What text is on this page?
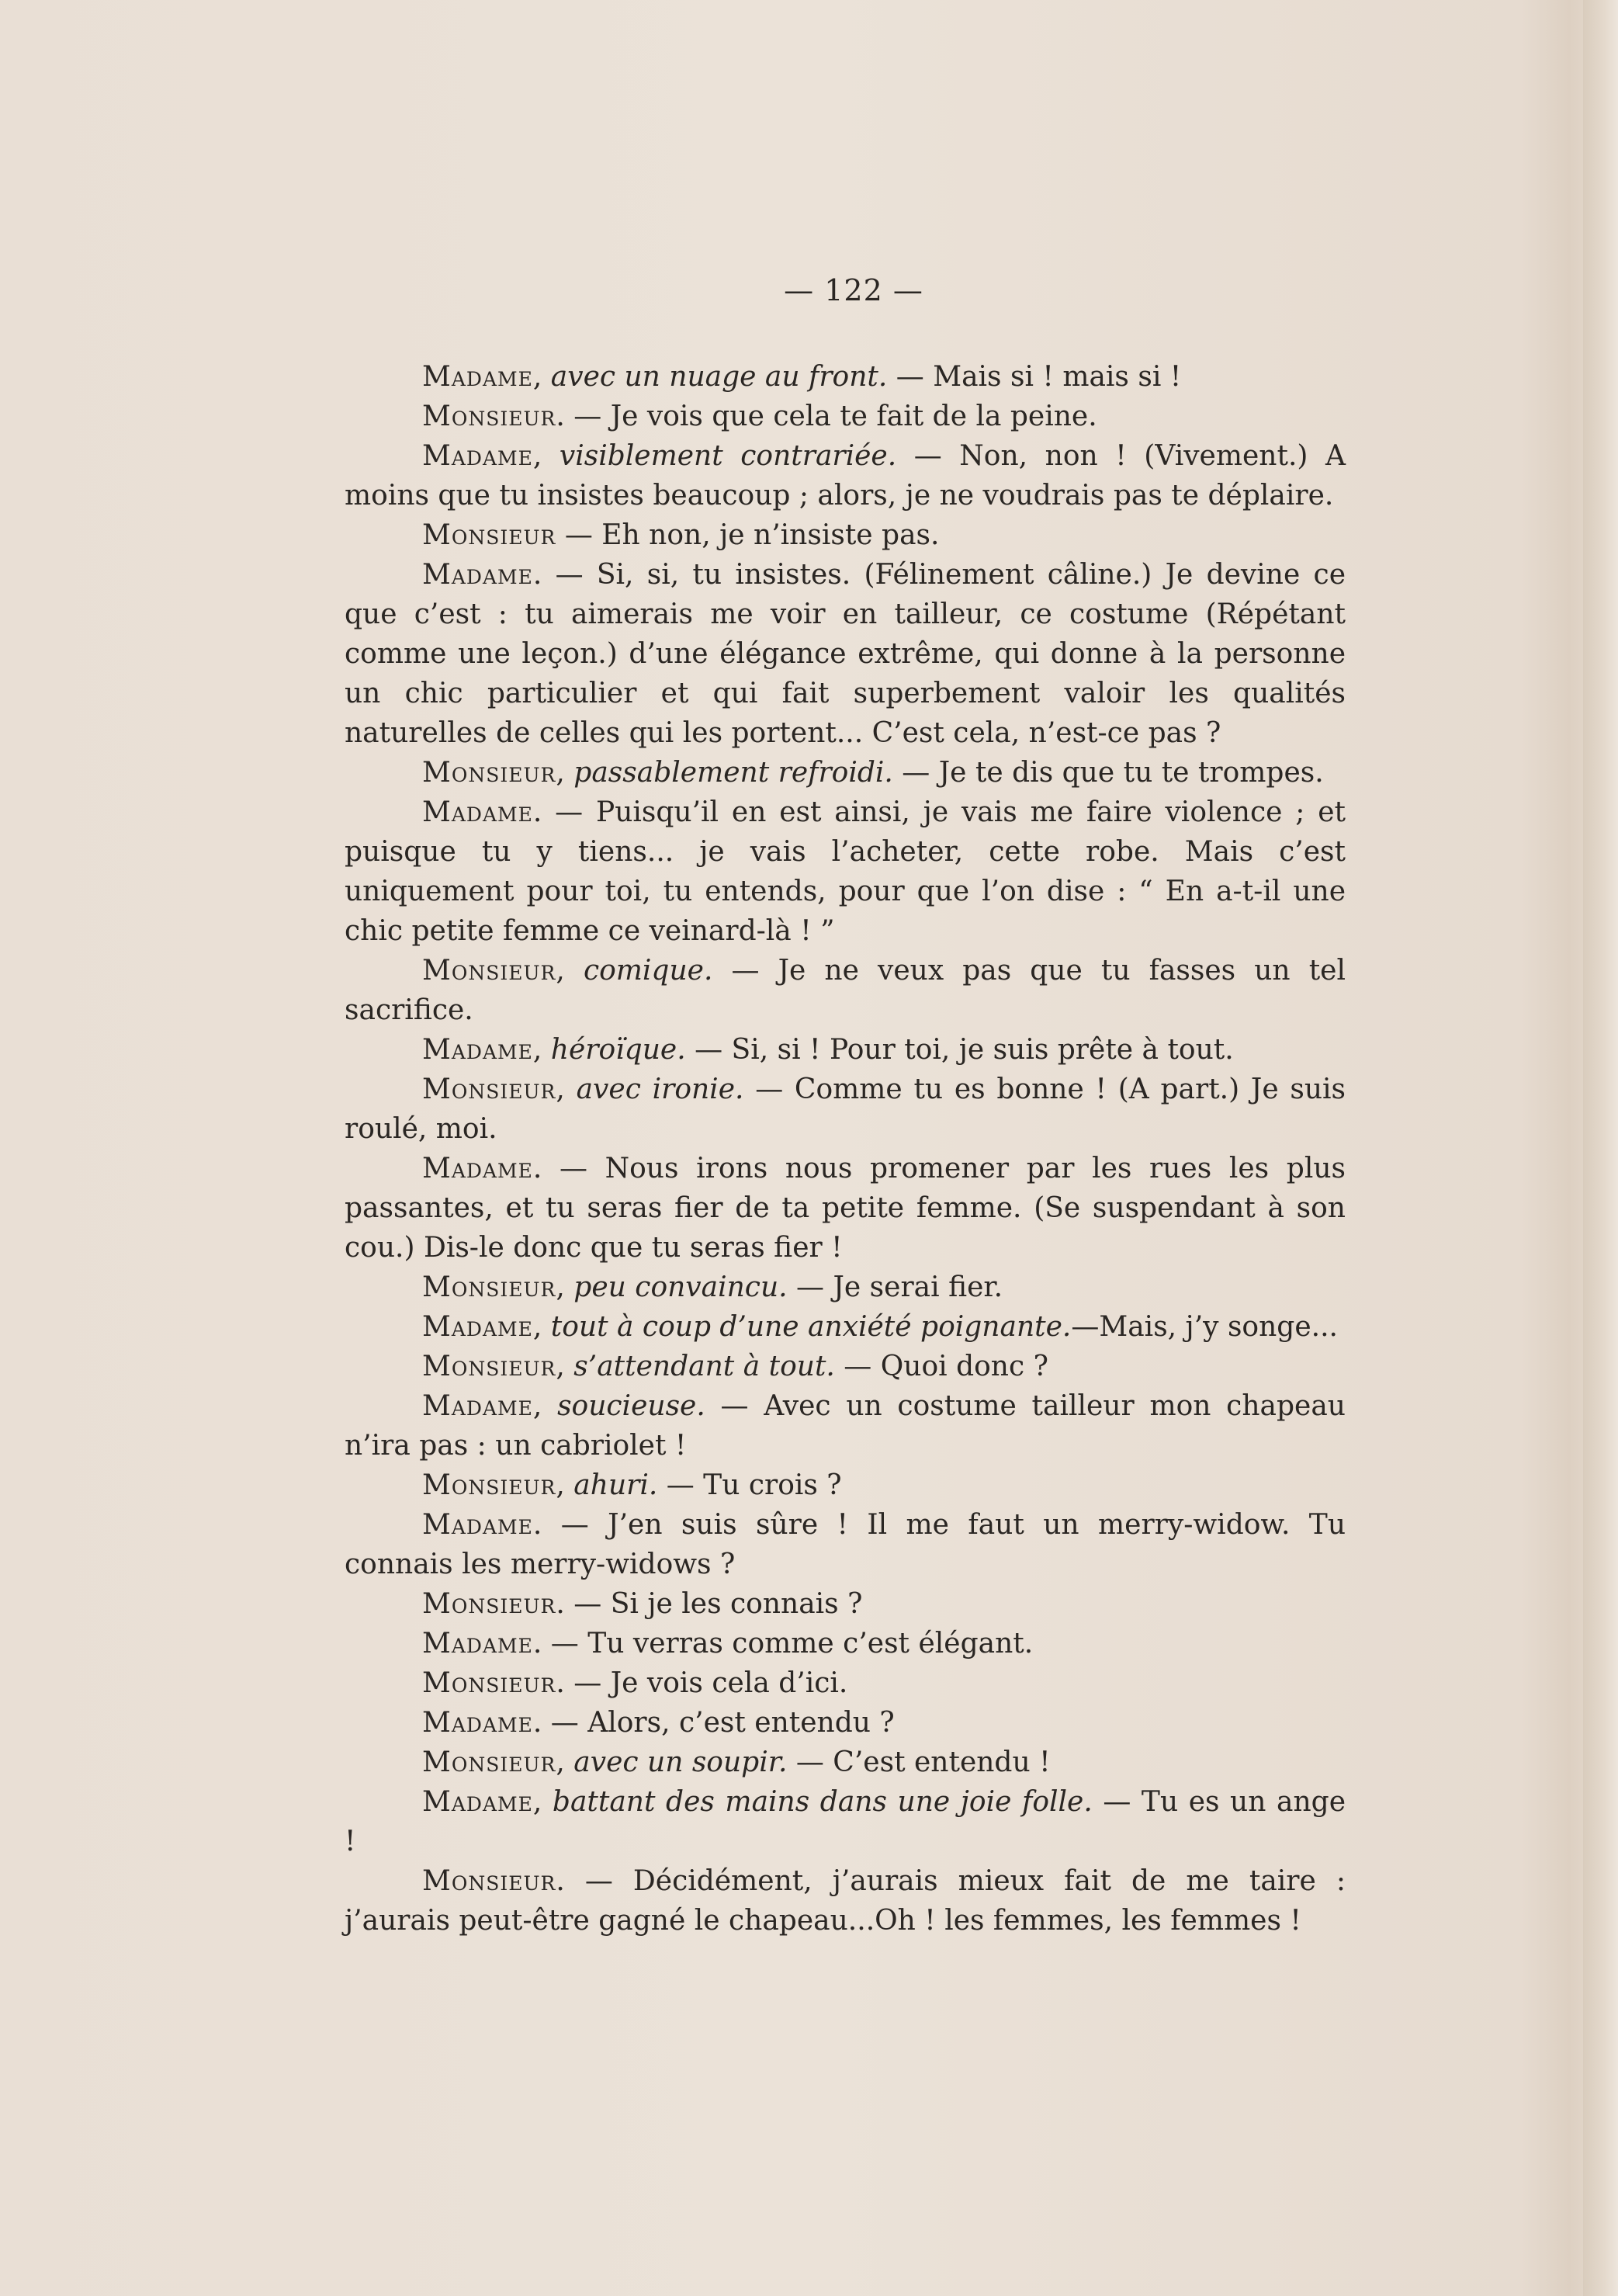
— 122 —

Madame, avec un nuage au front. — Mais si ! mais si !

Monsieur. — Je vois que cela te fait de la peine.

Madame, visiblement contrariée. — Non, non ! (Vivement.) A moins que tu insistes beaucoup ; alors, je ne voudrais pas te déplaire.

Monsieur — Eh non, je n’insiste pas.

Madame. — Si, si, tu insistes. (Félinement câline.) Je devine ce que c’est : tu aimerais me voir en tailleur, ce costume (Répétant comme une leçon.) d’une élégance extrême, qui donne à la personne un chic particulier et qui fait superbement valoir les qualités naturelles de celles qui les portent... C’est cela, n’est-ce pas ?

Monsieur, passablement refroidi. — Je te dis que tu te trompes.

Madame. — Puisqu’il en est ainsi, je vais me faire violence ; et puisque tu y tiens... je vais l’acheter, cette robe. Mais c’est uniquement pour toi, tu entends, pour que l’on dise : “ En a-t-il une chic petite femme ce veinard-là ! ”

Monsieur, comique. — Je ne veux pas que tu fasses un tel sacrifice.

Madame, héroïque. — Si, si ! Pour toi, je suis prête à tout.

Monsieur, avec ironie. — Comme tu es bonne ! (A part.) Je suis roulé, moi.

Madame. — Nous irons nous promener par les rues les plus passantes, et tu seras fier de ta petite femme. (Se suspendant à son cou.) Dis-le donc que tu seras fier !

Monsieur, peu convaincu. — Je serai fier.

Madame, tout à coup d’une anxiété poignante.—Mais, j’y songe...

Monsieur, s’attendant à tout. — Quoi donc ?

Madame, soucieuse. — Avec un costume tailleur mon chapeau n’ira pas : un cabriolet !

Monsieur, ahuri. — Tu crois ?

Madame. — J’en suis sûre ! Il me faut un merry-widow. Tu connais les merry-widows ?

Monsieur. — Si je les connais ?

Madame. — Tu verras comme c’est élégant.

Monsieur. — Je vois cela d’ici.

Madame. — Alors, c’est entendu ?

Monsieur, avec un soupir. — C’est entendu !

Madame, battant des mains dans une joie folle. — Tu es un ange !

Monsieur. — Décidément, j’aurais mieux fait de me taire : j’aurais peut-être gagné le chapeau...Oh ! les femmes, les femmes !
